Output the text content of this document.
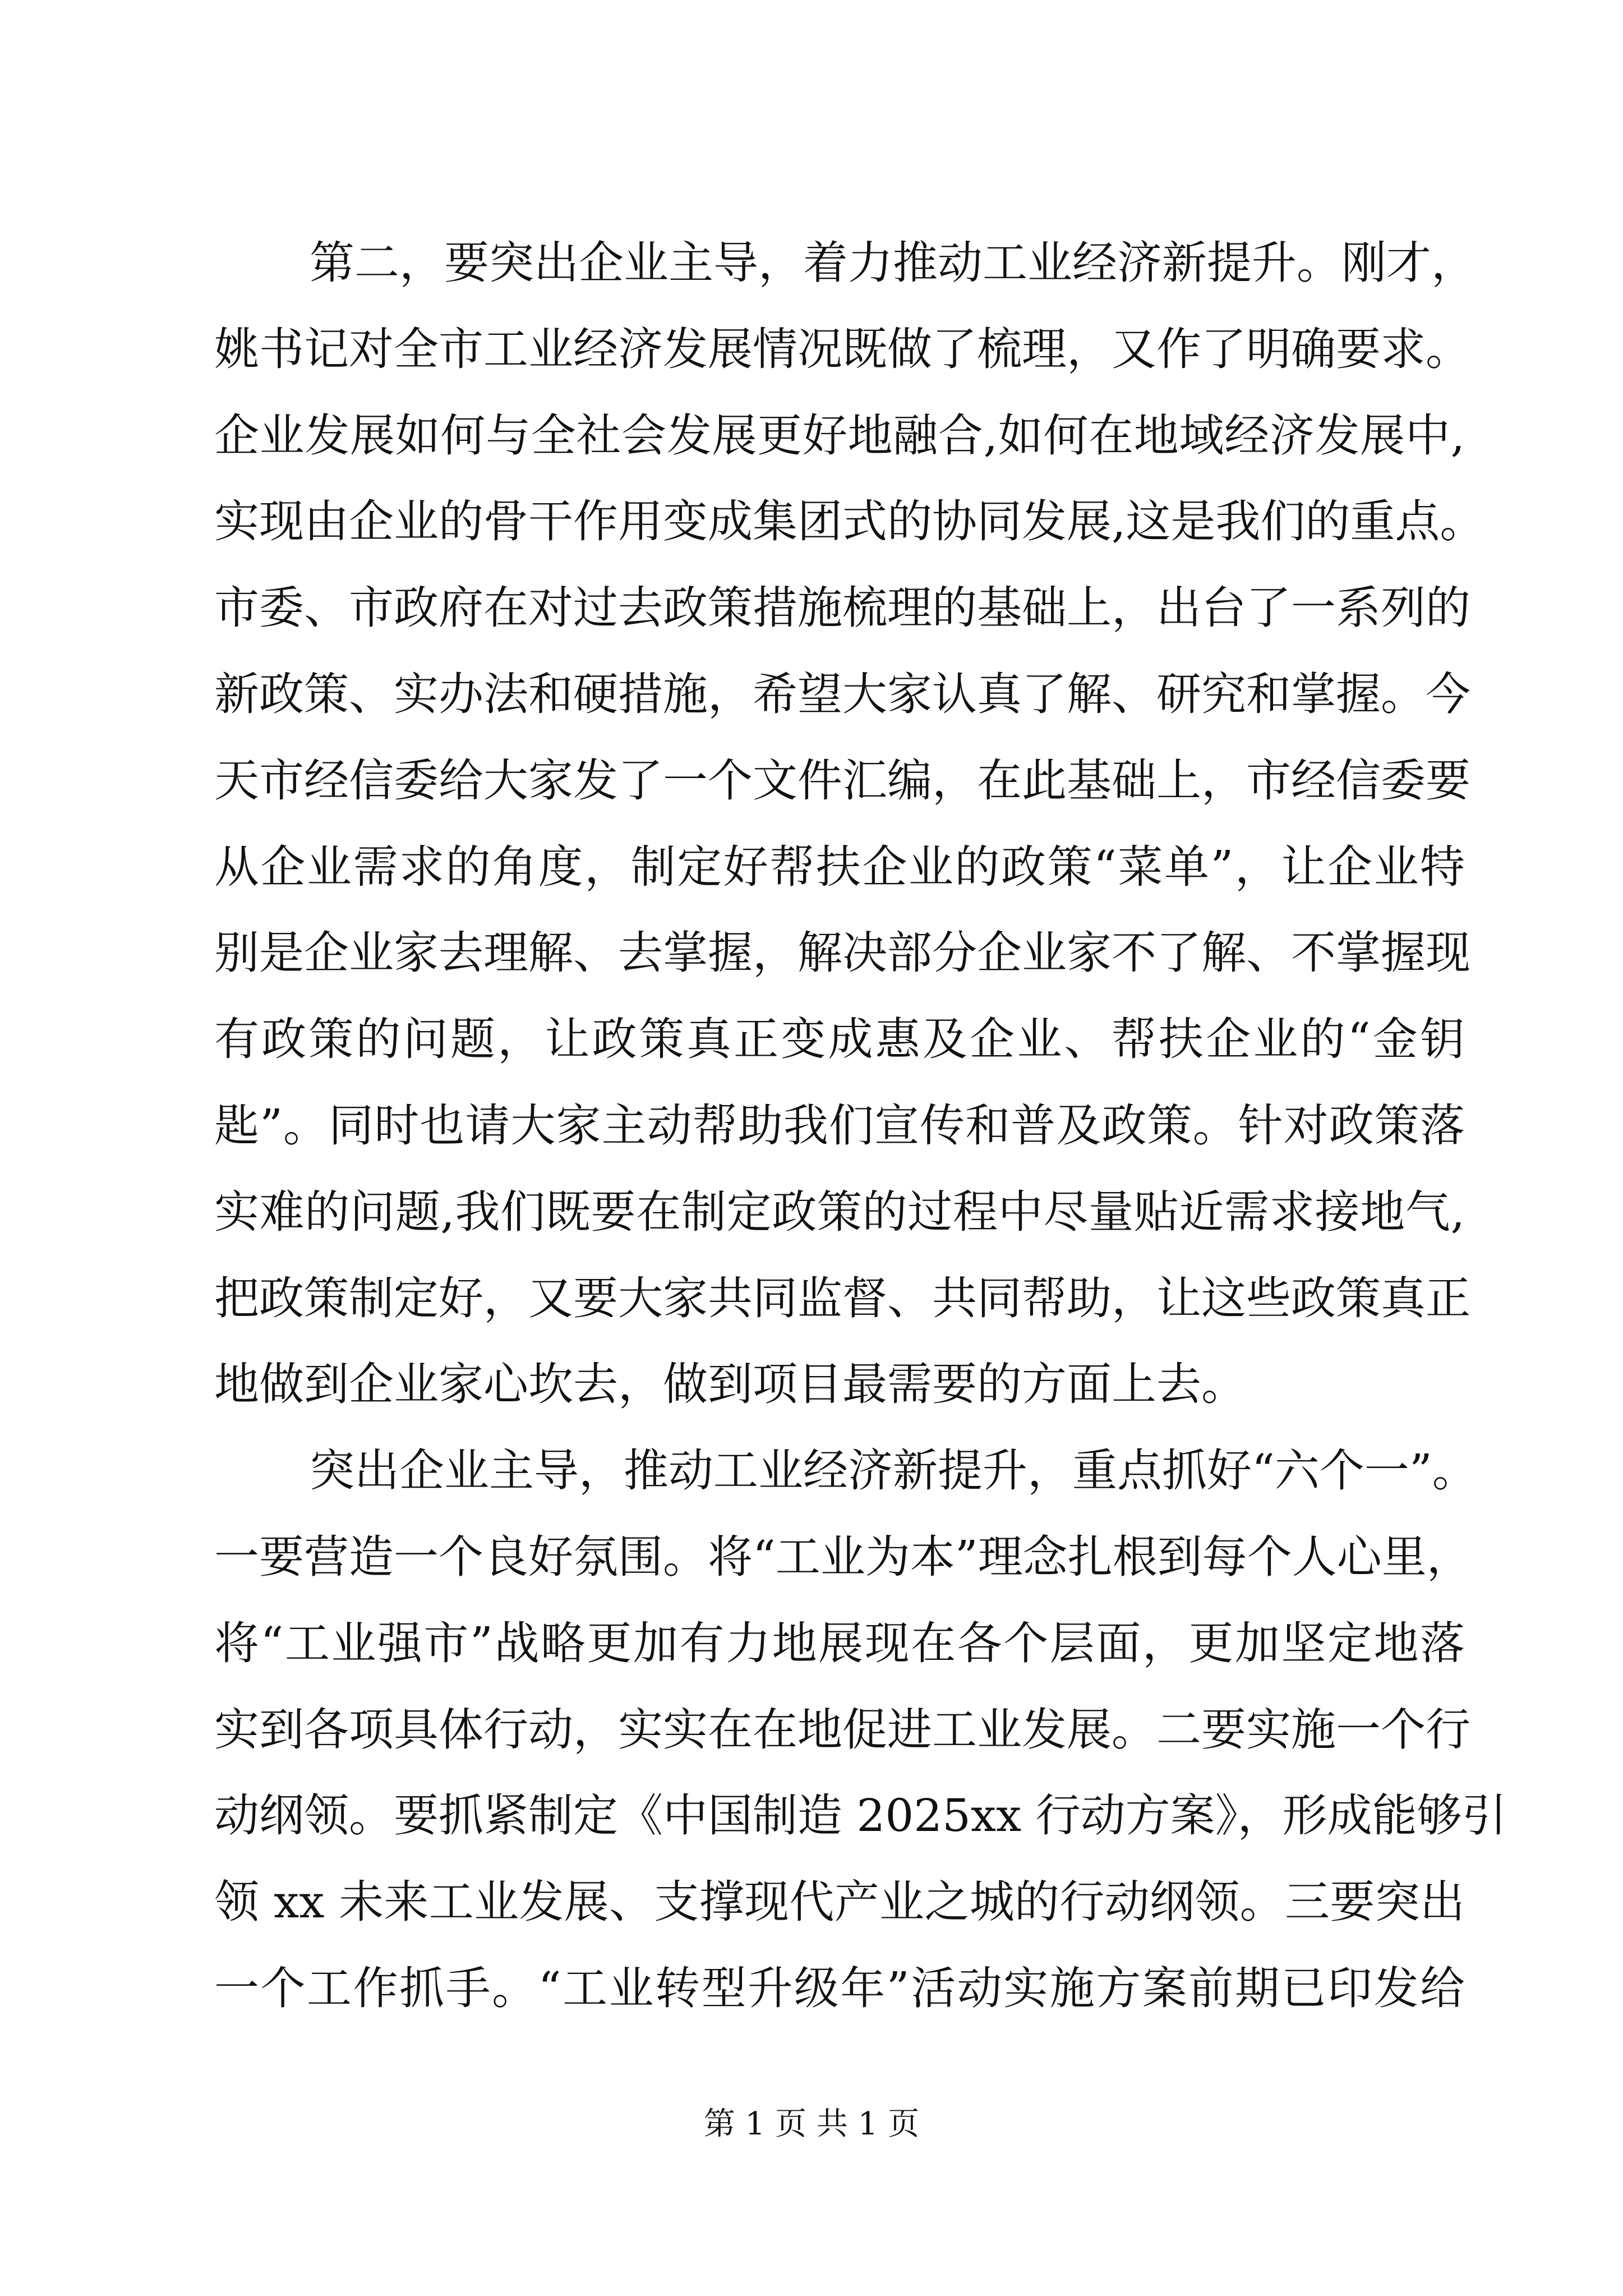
第二，要突出企业主导，着力推动工业经济新提升。刚才，
姚书记对全市工业经济发展情况既做了梳理，又作了明确要求。
企业发展如何与全社会发展更好地融合,如何在地域经济发展中,
实现由企业的骨干作用变成集团式的协同发展,这是我们的重点。
市委、市政府在对过去政策措施梳理的基础上，出台了一系列的
新政策、实办法和硬措施，希望大家认真了解、研究和掌握。今
天市经信委给大家发了一个文件汇编，在此基础上，市经信委要
从企业需求的角度，制定好帮扶企业的政策“菜单”，让企业特
别是企业家去理解、去掌握，解决部分企业家不了解、不掌握现
有政策的问题，让政策真正变成惠及企业、帮扶企业的“金钥
匙”。同时也请大家主动帮助我们宣传和普及政策。针对政策落
实难的问题,我们既要在制定政策的过程中尽量贴近需求接地气,
把政策制定好，又要大家共同监督、共同帮助，让这些政策真正
地做到企业家心坎去，做到项目最需要的方面上去。
突出企业主导，推动工业经济新提升，重点抓好“六个一”。
一要营造一个良好氛围。将“工业为本”理念扎根到每个人心里，
将“工业强市”战略更加有力地展现在各个层面，更加坚定地落
实到各项具体行动，实实在在地促进工业发展。二要实施一个行
动纲领。要抓紧制定《中国制造 2025xx 行动方案》，形成能够引
领 xx 未来工业发展、支撑现代产业之城的行动纲领。三要突出
一个工作抓手。“工业转型升级年”活动实施方案前期已印发给
第 1 页 共 1 页
